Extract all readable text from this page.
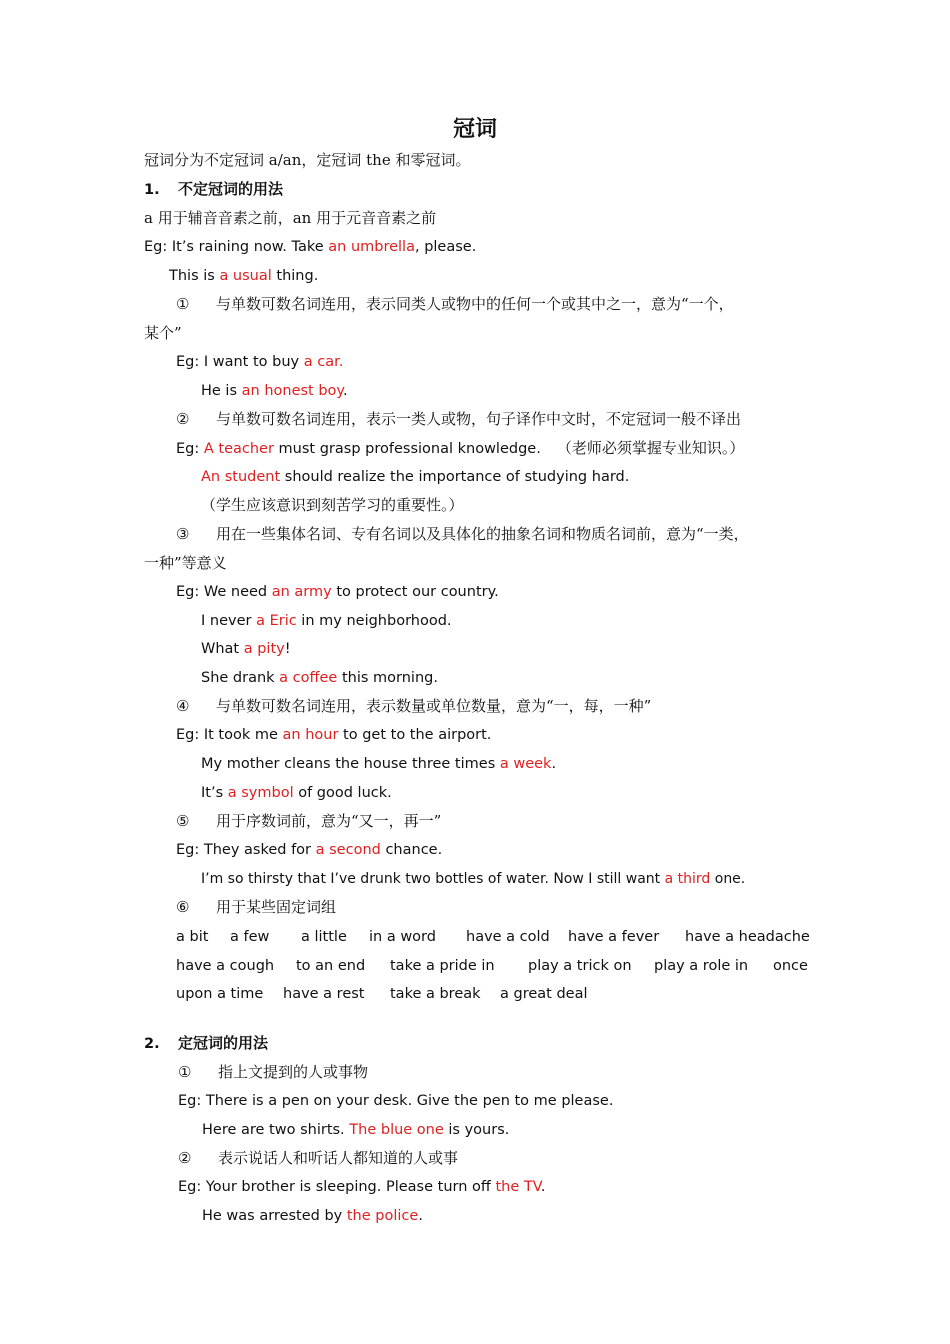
冠词
冠词分为不定冠词 a/an，定冠词 the 和零冠词。
1. 不定冠词的用法
a 用于辅音音素之前，an 用于元音音素之前
Eg: It’s raining now. Take an umbrella, please.
This is a usual thing.
① 与单数可数名词连用，表示同类人或物中的任何一个或其中之一，意为“一个，
某个”
Eg: I want to buy a car.
He is an honest boy.
② 与单数可数名词连用，表示一类人或物，句子译作中文时，不定冠词一般不译出
Eg: A teacher must grasp professional knowledge. （老师必须掌握专业知识。）
An student should realize the importance of studying hard.
（学生应该意识到刻苦学习的重要性。）
③ 用在一些集体名词、专有名词以及具体化的抽象名词和物质名词前，意为“一类，
一种”等意义
Eg: We need an army to protect our country.
I never a Eric in my neighborhood.
What a pity!
She drank a coffee this morning.
④ 与单数可数名词连用，表示数量或单位数量，意为“一，每，一种”
Eg: It took me an hour to get to the airport.
My mother cleans the house three times a week.
It’s a symbol of good luck.
⑤ 用于序数词前，意为“又一，再一”
Eg: They asked for a second chance.
I’m so thirsty that I’ve drunk two bottles of water. Now I still want a third one.
⑥ 用于某些固定词组
a bit a few a little in a word have a cold have a fever have a headache
have a cough to an end take a pride in play a trick on play a role in once
upon a time have a rest take a break a great deal
2. 定冠词的用法
① 指上文提到的人或事物
Eg: There is a pen on your desk. Give the pen to me please.
Here are two shirts. The blue one is yours.
② 表示说话人和听话人都知道的人或事
Eg: Your brother is sleeping. Please turn off the TV.
He was arrested by the police.
